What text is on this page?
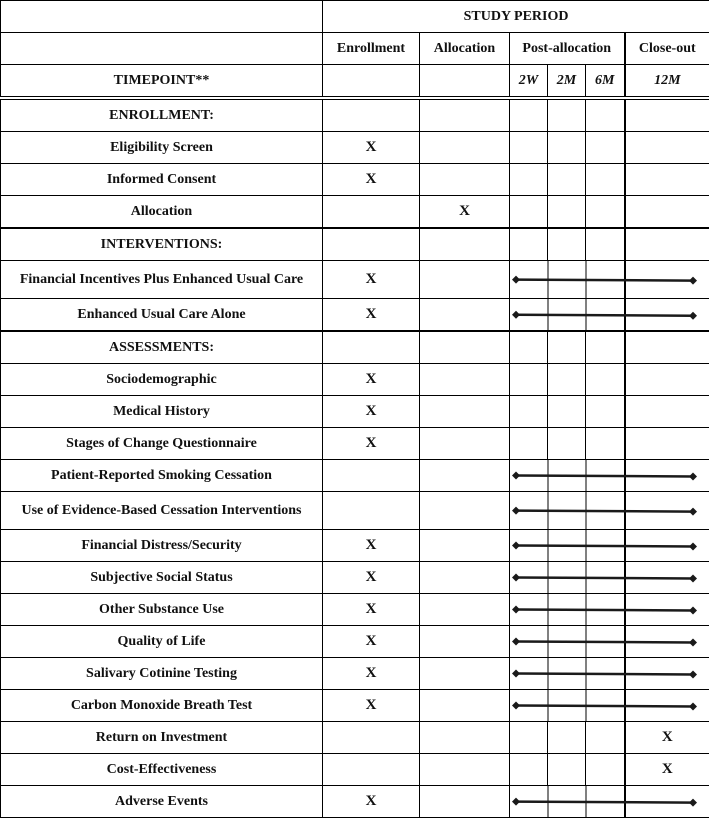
	STUDY PERIOD					
	Enrollment	Allocation	Post-allocation			Close-out
TIMEPOINT**			2W	2M	6M	12M
ENROLLMENT:						
Eligibility Screen	X					
Informed Consent	X					
Allocation		X				
INTERVENTIONS:						
Financial Incentives Plus Enhanced Usual Care	X		

Enhanced Usual Care Alone	X		

ASSESSMENTS:						
Sociodemographic	X					
Medical History	X					
Stages of Change Questionnaire	X					
Patient-Reported Smoking Cessation			

Use of Evidence-Based Cessation Interventions			

Financial Distress/Security	X		

Subjective Social Status	X		

Other Substance Use	X		

Quality of Life	X		

Salivary Cotinine Testing	X		

Carbon Monoxide Breath Test	X		

Return on Investment						X
Cost-Effectiveness						X
Adverse Events	X		
